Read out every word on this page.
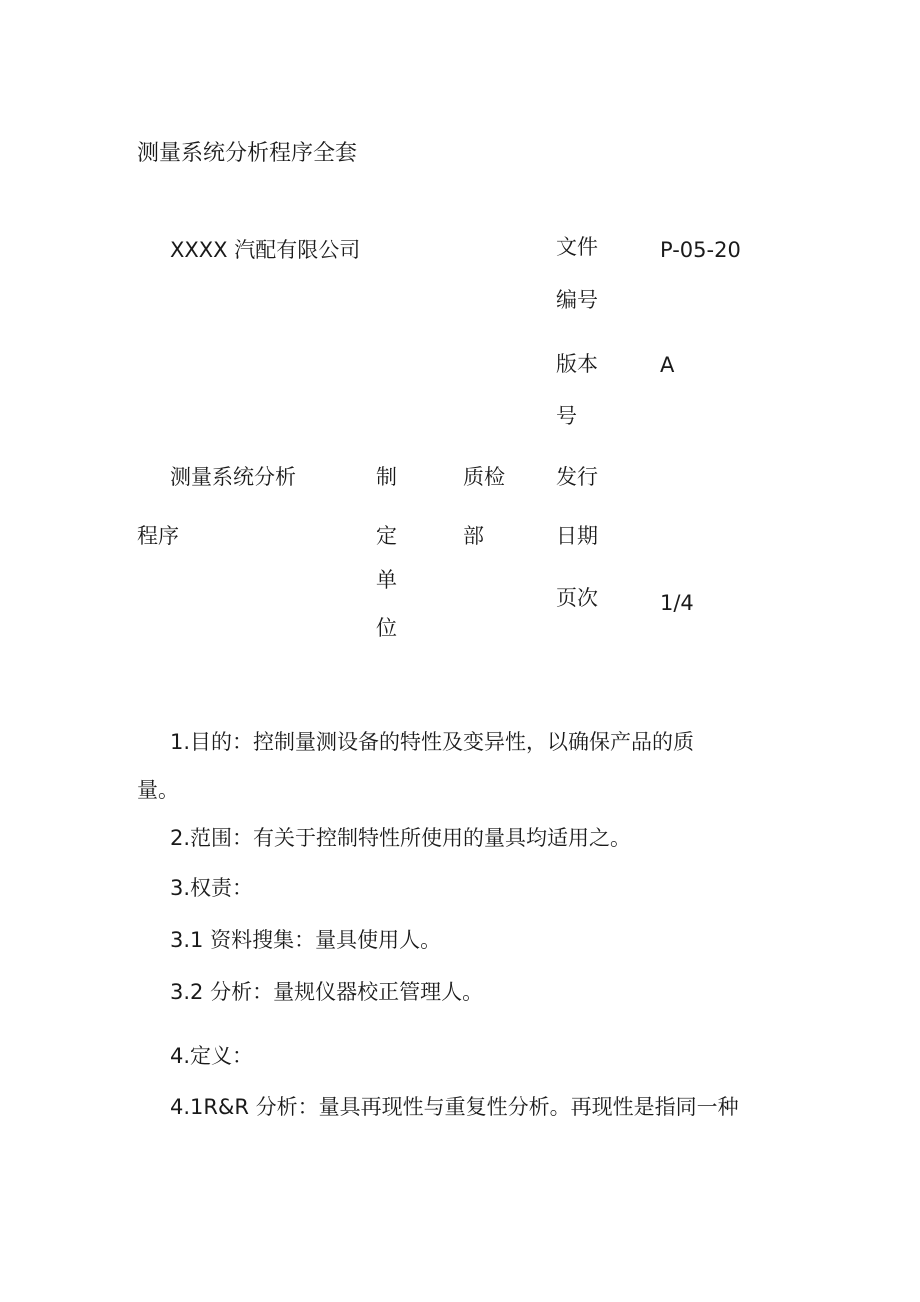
测量系统分析程序全套
XXXX 汽配有限公司	文件
编号
P-05-20
版本
号
A
测量系统分析
程序
制
定
单
位
质检
部
发行
日期
页次	1/4
1.目的：控制量测设备的特性及变异性，以确保产品的质
量。
2.范围：有关于控制特性所使用的量具均适用之。
3.权责：
3.1 资料搜集：量具使用人。
3.2 分析：量规仪器校正管理人。
4.定义：
4.1R&R 分析：量具再现性与重复性分析。再现性是指同一种
